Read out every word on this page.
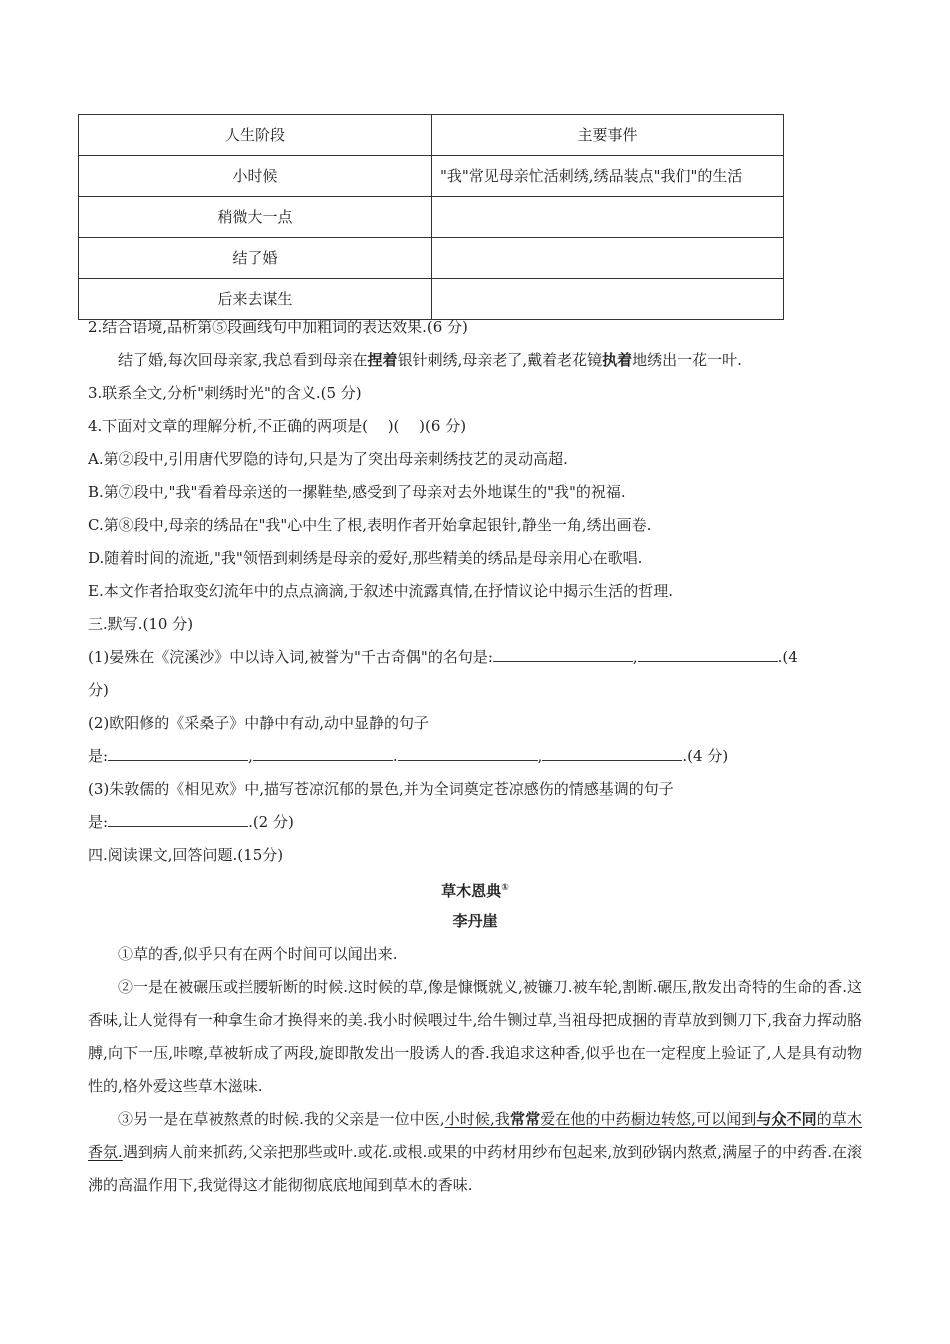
人生阶段	主要事件
小时候	"我"常见母亲忙活刺绣,绣品装点"我们"的生活
稍微大一点	
结了婚	
后来去谋生	
2.结合语境,品析第⑤段画线句中加粗词的表达效果.(6 分)
结了婚,每次回母亲家,我总看到母亲在捏着银针刺绣,母亲老了,戴着老花镜执着地绣出一花一叶.
3.联系全文,分析"刺绣时光"的含义.(5 分)
4.下面对文章的理解分析,不正确的两项是(　 )(　 )(6 分)
A.第②段中,引用唐代罗隐的诗句,只是为了突出母亲刺绣技艺的灵动高超.
B.第⑦段中,"我"看着母亲送的一摞鞋垫,感受到了母亲对去外地谋生的"我"的祝福.
C.第⑧段中,母亲的绣品在"我"心中生了根,表明作者开始拿起银针,静坐一角,绣出画卷.
D.随着时间的流逝,"我"领悟到刺绣是母亲的爱好,那些精美的绣品是母亲用心在歌唱.
E.本文作者拾取变幻流年中的点点滴滴,于叙述中流露真情,在抒情议论中揭示生活的哲理.
三.默写.(10 分)
(1)晏殊在《浣溪沙》中以诗入词,被誉为"千古奇偶"的名句是:	,	.(4
分)
(2)欧阳修的《采桑子》中静中有动,动中显静的句子
是:	,	.	,	.(4 分)
(3)朱敦儒的《相见欢》中,描写苍凉沉郁的景色,并为全词奠定苍凉感伤的情感基调的句子
是:	.(2 分)
四.阅读课文,回答问题.(15分)
草木恩典①
李丹崖
①草的香,似乎只有在两个时间可以闻出来.
②一是在被碾压或拦腰斩断的时候.这时候的草,像是慷慨就义,被镰刀.被车轮,割断.碾压,散发出奇特的生命的香.这香味,让人觉得有一种拿生命才换得来的美.我小时候喂过牛,给牛铡过草,当祖母把成捆的青草放到铡刀下,我奋力挥动胳膊,向下一压,咔嚓,草被斩成了两段,旋即散发出一股诱人的香.我追求这种香,似乎也在一定程度上验证了,人是具有动物性的,格外爱这些草木滋味.
③另一是在草被熬煮的时候.我的父亲是一位中医,小时候,我常常爱在他的中药橱边转悠,可以闻到与众不同的草木香氛.遇到病人前来抓药,父亲把那些或叶.或花.或根.或果的中药材用纱布包起来,放到砂锅内熬煮,满屋子的中药香.在滚沸的高温作用下,我觉得这才能彻彻底底地闻到草木的香味.
